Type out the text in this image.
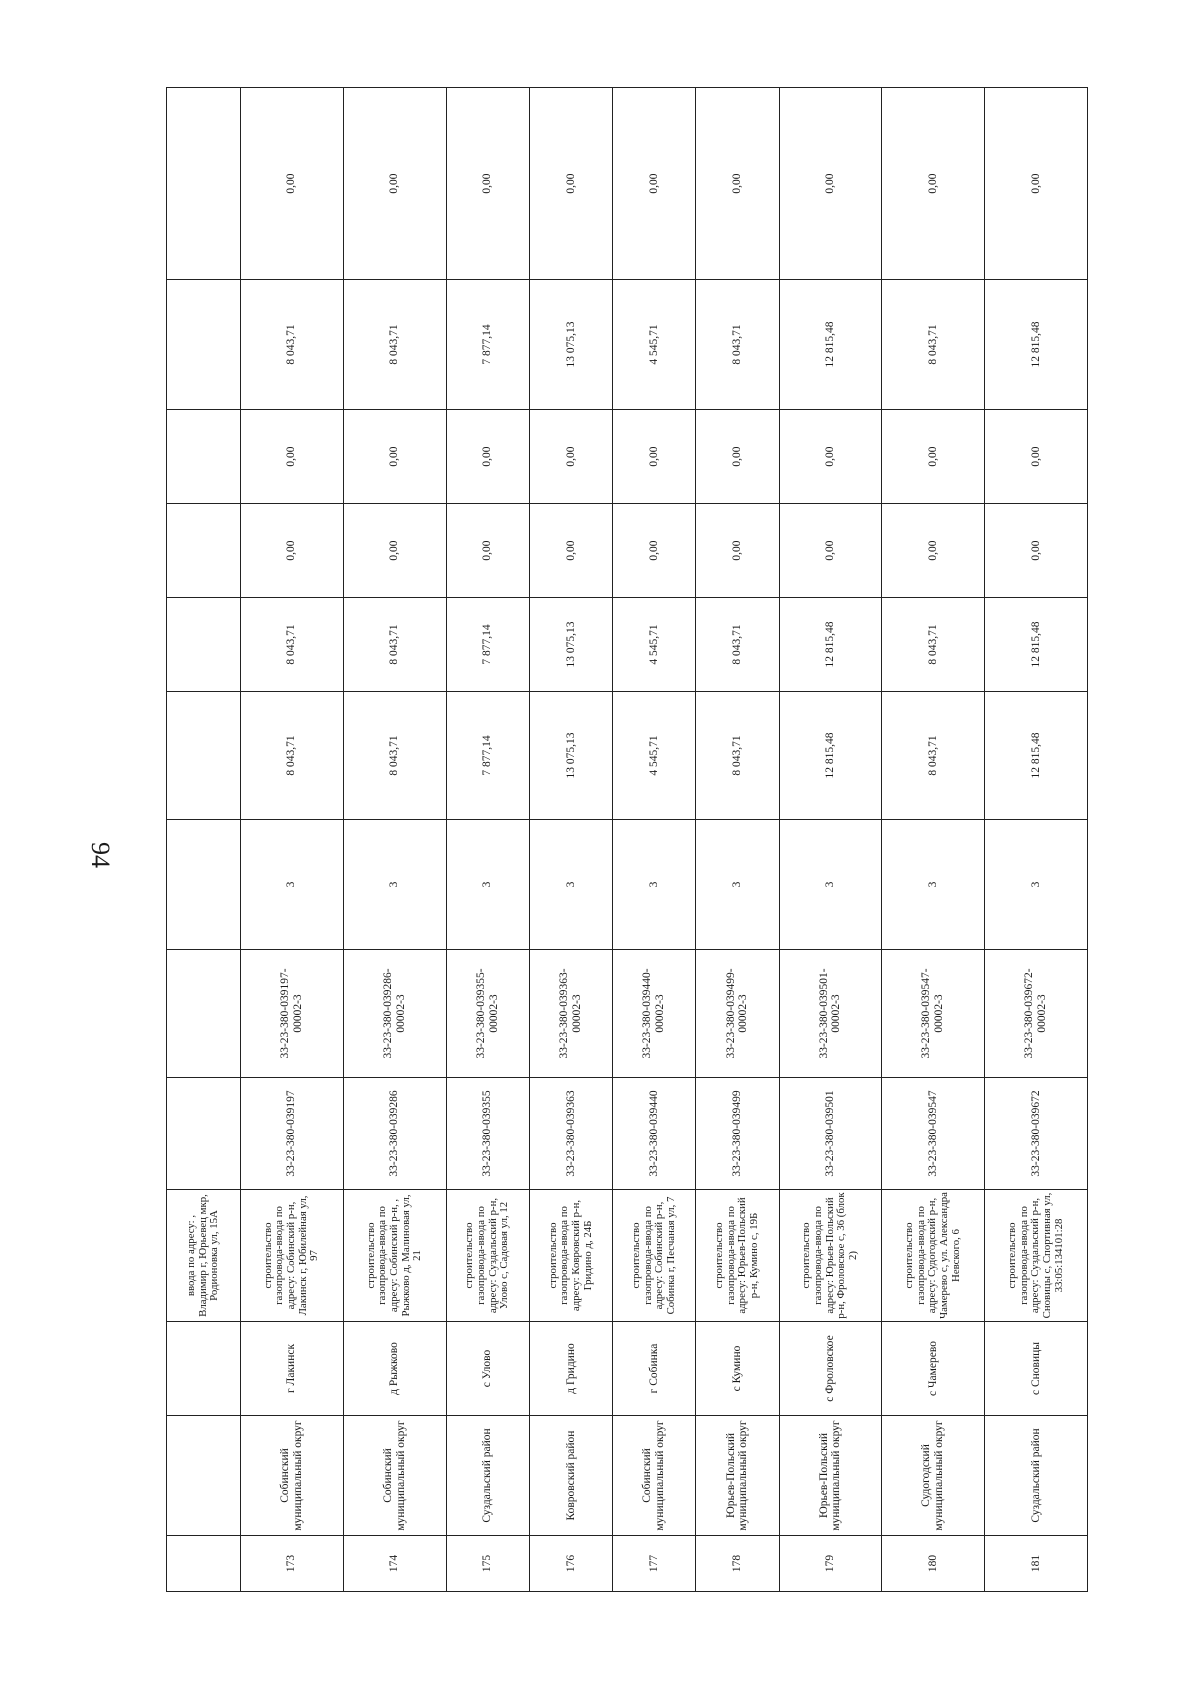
94
			ввода по адресу: , Владимир г, Юрьевец мкр, Родионовка ул, 15А									
173	Собинский муниципальный округ	г Лакинск	строительство газопровода-ввода по адресу: Собинский р-н, Лакинск г, Юбилейная ул, 97	33-23-380-039197	33-23-380-039197-00002-3	3	8 043,71	8 043,71	0,00	0,00	8 043,71	0,00
174	Собинский муниципальный округ	д Рыжково	строительство газопровода-ввода по адресу: Собинский р-н, , Рыжково д, Малиновая ул, 21	33-23-380-039286	33-23-380-039286-00002-3	3	8 043,71	8 043,71	0,00	0,00	8 043,71	0,00
175	Суздальский район	с Улово	строительство газопровода-ввода по адресу: Суздальский р-н, Улово с, Садовая ул, 12	33-23-380-039355	33-23-380-039355-00002-3	3	7 877,14	7 877,14	0,00	0,00	7 877,14	0,00
176	Ковровский район	д Гридино	строительство газопровода-ввода по адресу: Ковровский р-н, Гридино д, 24Б	33-23-380-039363	33-23-380-039363-00002-3	3	13 075,13	13 075,13	0,00	0,00	13 075,13	0,00
177	Собинский муниципальный округ	г Собинка	строительство газопровода-ввода по адресу: Собинский р-н, Собинка г, Песчаная ул, 7	33-23-380-039440	33-23-380-039440-00002-3	3	4 545,71	4 545,71	0,00	0,00	4 545,71	0,00
178	Юрьев-Польский муниципальный округ	с Кумино	строительство газопровода-ввода по адресу: Юрьев-Польский р-н, Кумино с, 19Б	33-23-380-039499	33-23-380-039499-00002-3	3	8 043,71	8 043,71	0,00	0,00	8 043,71	0,00
179	Юрьев-Польский муниципальный округ	с Фроловское	строительство газопровода-ввода по адресу: Юрьев-Польский р-н, Фроловское с, 36 (блок 2)	33-23-380-039501	33-23-380-039501-00002-3	3	12 815,48	12 815,48	0,00	0,00	12 815,48	0,00
180	Судогодский муниципальный округ	с Чамерево	строительство газопровода-ввода по адресу: Судогодский р-н, Чамерево с, ул. Александра Невского, 6	33-23-380-039547	33-23-380-039547-00002-3	3	8 043,71	8 043,71	0,00	0,00	8 043,71	0,00
181	Суздальский район	с Сновицы	строительство газопровода-ввода по адресу: Суздальский р-н, Сновицы с, Спортивная ул, 33:05:134101:28	33-23-380-039672	33-23-380-039672-00002-3	3	12 815,48	12 815,48	0,00	0,00	12 815,48	0,00
